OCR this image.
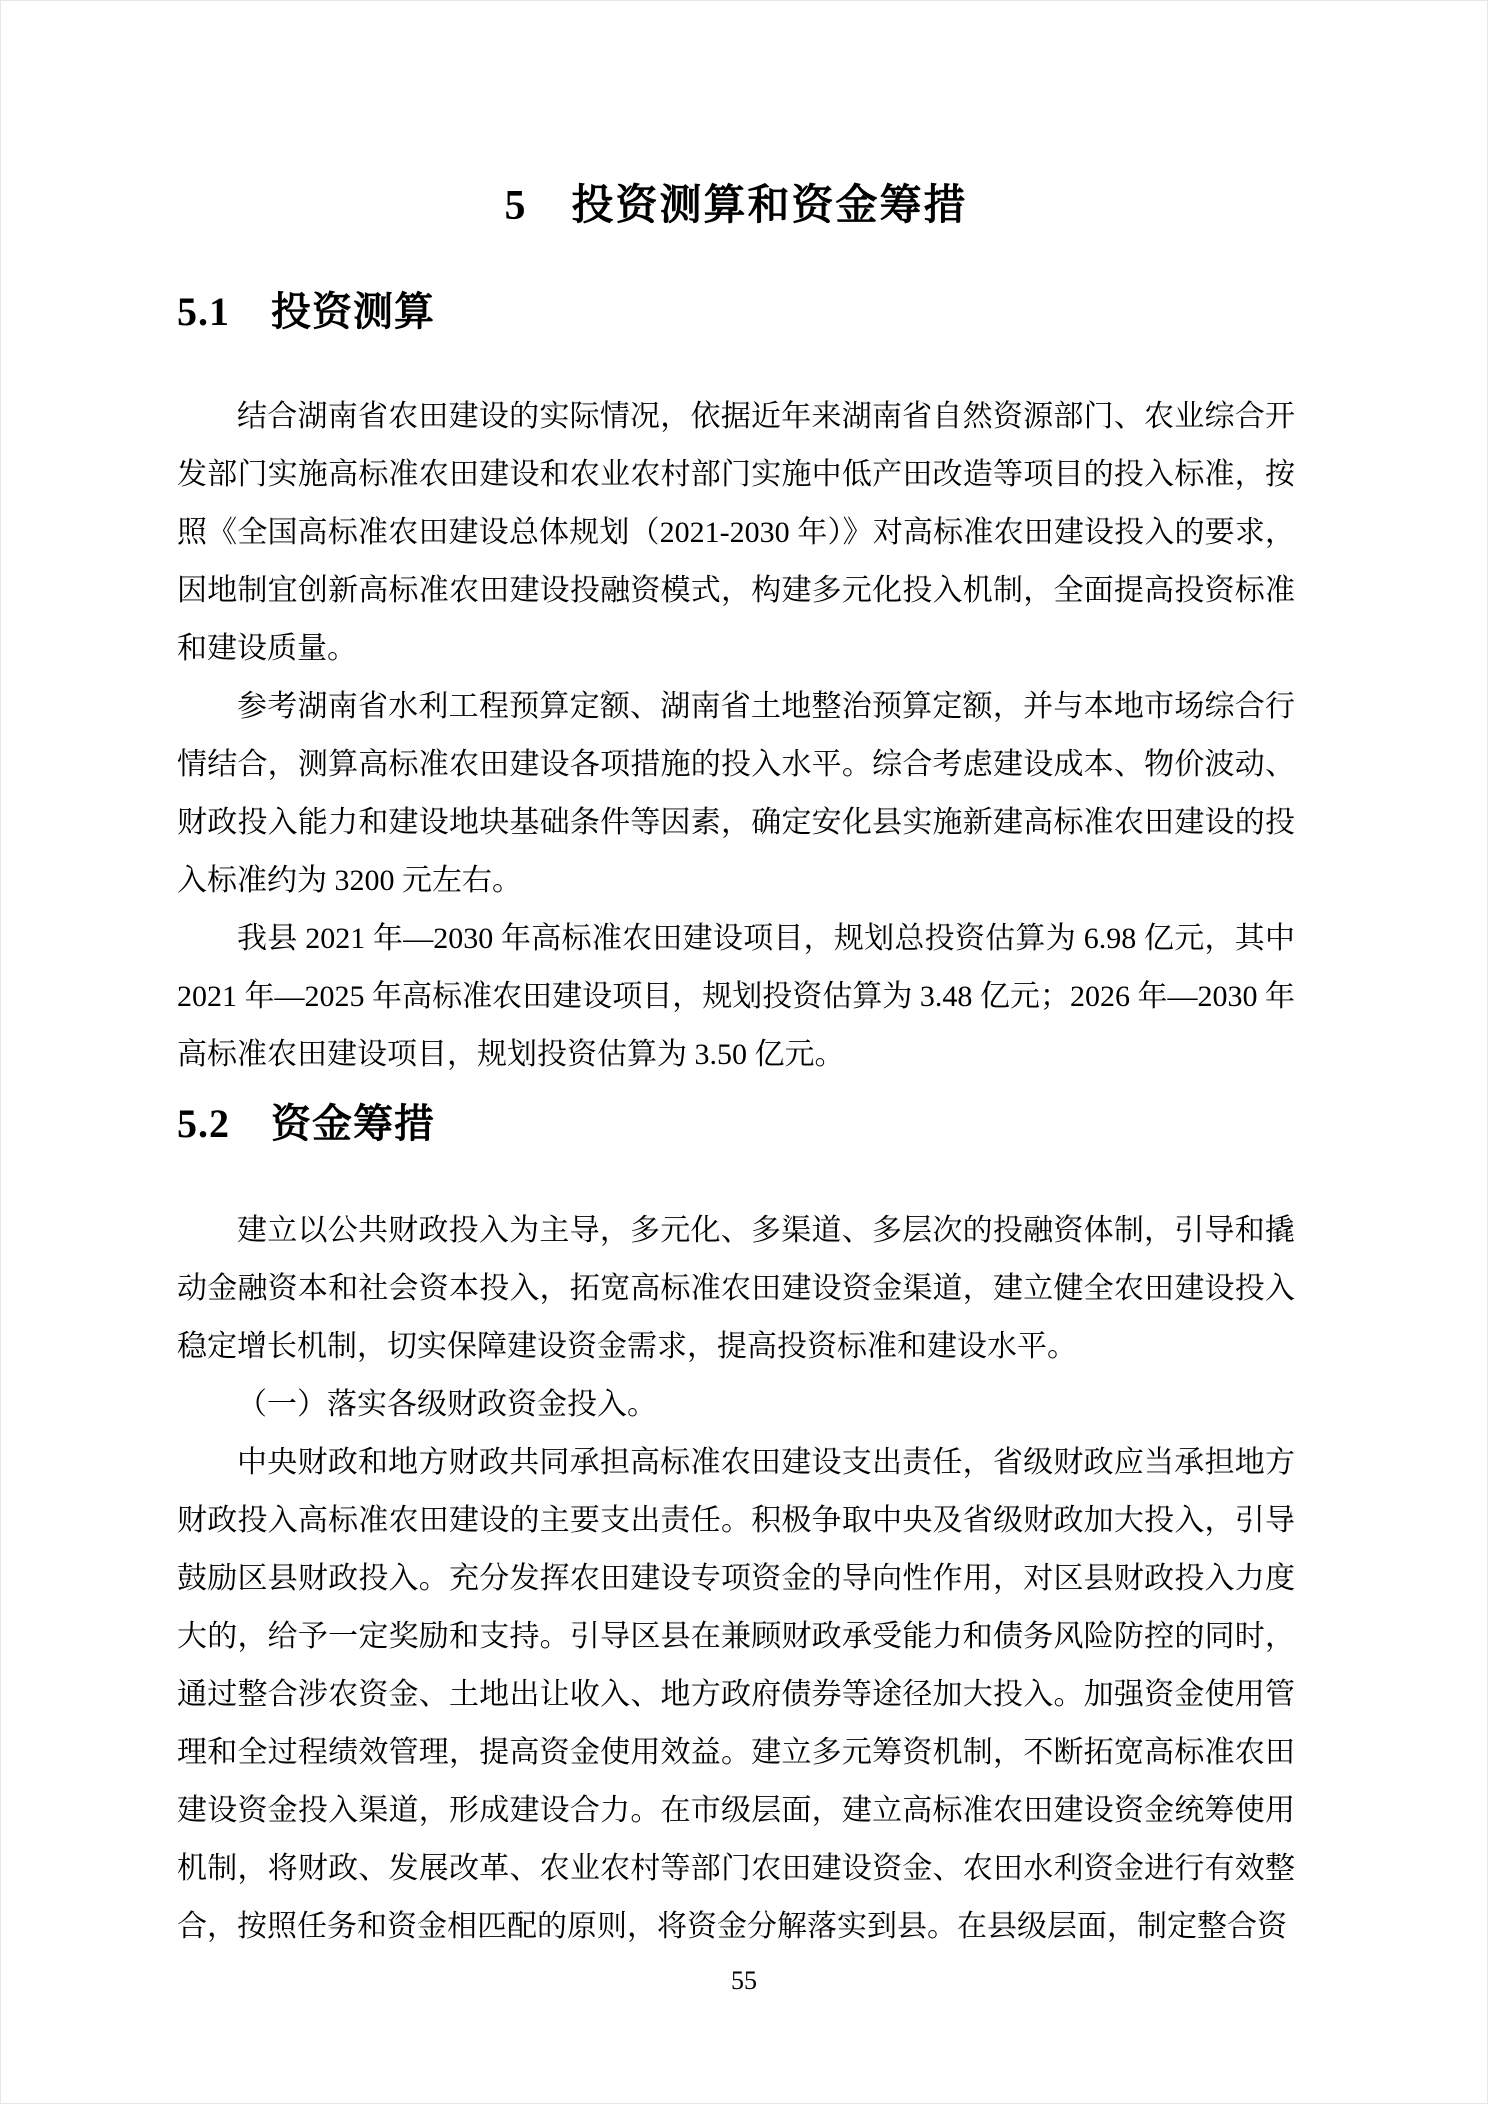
5　投资测算和资金筹措
5.1　投资测算

结合湖南省农田建设的实际情况，依据近年来湖南省自然资源部门、农业综合开发部门实施高标准农田建设和农业农村部门实施中低产田改造等项目的投入标准，按照《全国高标准农田建设总体规划（2021-2030 年）》对高标准农田建设投入的要求，因地制宜创新高标准农田建设投融资模式，构建多元化投入机制，全面提高投资标准和建设质量。

参考湖南省水利工程预算定额、湖南省土地整治预算定额，并与本地市场综合行情结合，测算高标准农田建设各项措施的投入水平。综合考虑建设成本、物价波动、财政投入能力和建设地块基础条件等因素，确定安化县实施新建高标准农田建设的投入标准约为 3200 元左右。

我县 2021 年—2030 年高标准农田建设项目，规划总投资估算为 6.98 亿元，其中 2021 年—2025 年高标准农田建设项目，规划投资估算为 3.48 亿元；2026 年—2030 年高标准农田建设项目，规划投资估算为 3.50 亿元。

5.2　资金筹措

建立以公共财政投入为主导，多元化、多渠道、多层次的投融资体制，引导和撬动金融资本和社会资本投入，拓宽高标准农田建设资金渠道，建立健全农田建设投入稳定增长机制，切实保障建设资金需求，提高投资标准和建设水平。

（一）落实各级财政资金投入。

中央财政和地方财政共同承担高标准农田建设支出责任，省级财政应当承担地方财政投入高标准农田建设的主要支出责任。积极争取中央及省级财政加大投入，引导鼓励区县财政投入。充分发挥农田建设专项资金的导向性作用，对区县财政投入力度大的，给予一定奖励和支持。引导区县在兼顾财政承受能力和债务风险防控的同时，通过整合涉农资金、土地出让收入、地方政府债券等途径加大投入。加强资金使用管理和全过程绩效管理，提高资金使用效益。建立多元筹资机制，不断拓宽高标准农田建设资金投入渠道，形成建设合力。在市级层面，建立高标准农田建设资金统筹使用机制，将财政、发展改革、农业农村等部门农田建设资金、农田水利资金进行有效整合，按照任务和资金相匹配的原则，将资金分解落实到县。在县级层面，制定整合资

55
